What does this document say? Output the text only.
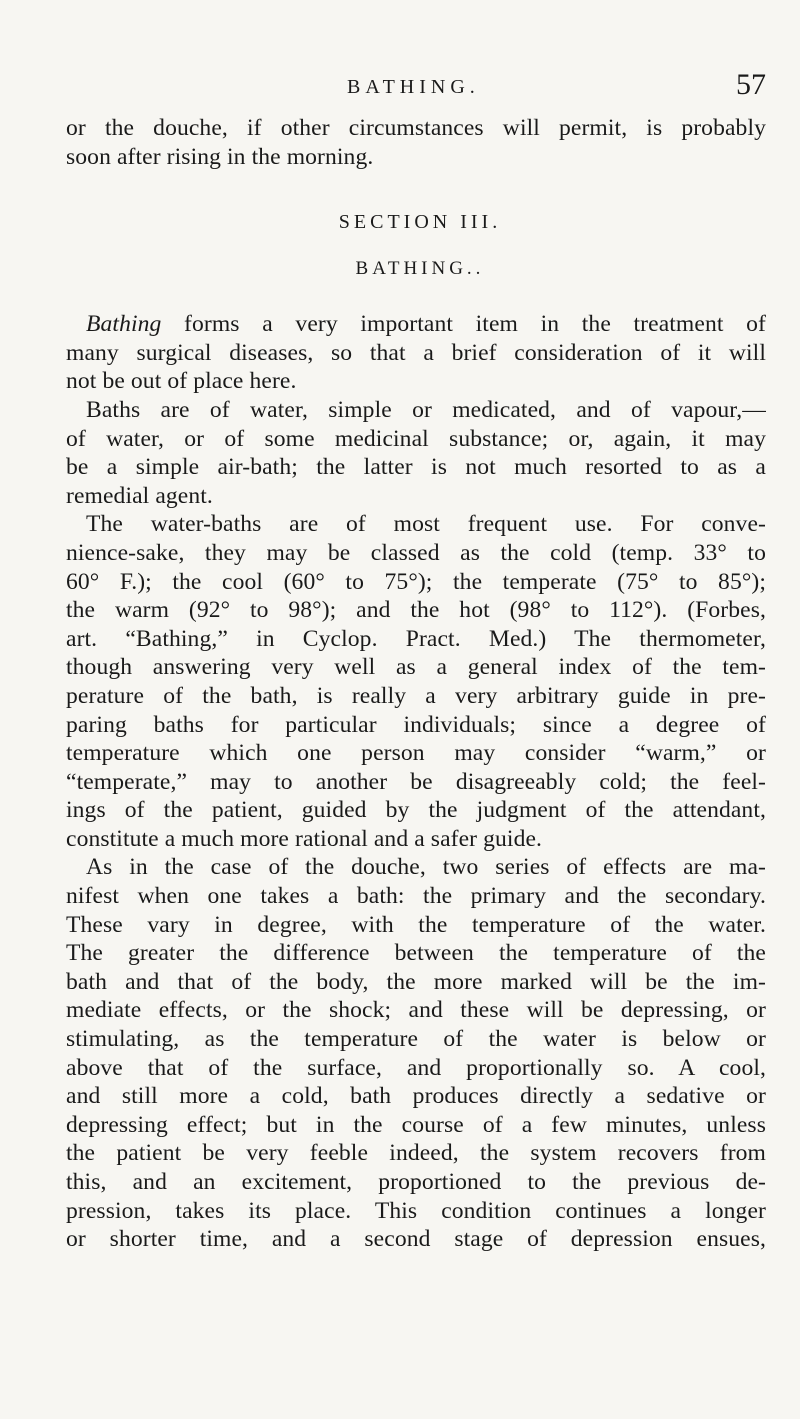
BATHING.	57
or the douche, if other circumstances will permit, is probably
soon after rising in the morning.
SECTION III.
BATHING..
Bathing forms a very important item in the treatment of
many surgical diseases, so that a brief consideration of it will
not be out of place here.
Baths are of water, simple or medicated, and of vapour,—
of water, or of some medicinal substance; or, again, it may
be a simple air-bath; the latter is not much resorted to as a
remedial agent.
The water-baths are of most frequent use. For conve-
nience-sake, they may be classed as the cold (temp. 33° to
60° F.); the cool (60° to 75°); the temperate (75° to 85°);
the warm (92° to 98°); and the hot (98° to 112°). (Forbes,
art. “Bathing,” in Cyclop. Pract. Med.) The thermometer,
though answering very well as a general index of the tem-
perature of the bath, is really a very arbitrary guide in pre-
paring baths for particular individuals; since a degree of
temperature which one person may consider “warm,” or
“temperate,” may to another be disagreeably cold; the feel-
ings of the patient, guided by the judgment of the attendant,
constitute a much more rational and a safer guide.
As in the case of the douche, two series of effects are ma-
nifest when one takes a bath: the primary and the secondary.
These vary in degree, with the temperature of the water.
The greater the difference between the temperature of the
bath and that of the body, the more marked will be the im-
mediate effects, or the shock; and these will be depressing, or
stimulating, as the temperature of the water is below or
above that of the surface, and proportionally so. A cool,
and still more a cold, bath produces directly a sedative or
depressing effect; but in the course of a few minutes, unless
the patient be very feeble indeed, the system recovers from
this, and an excitement, proportioned to the previous de-
pression, takes its place. This condition continues a longer
or shorter time, and a second stage of depression ensues,
